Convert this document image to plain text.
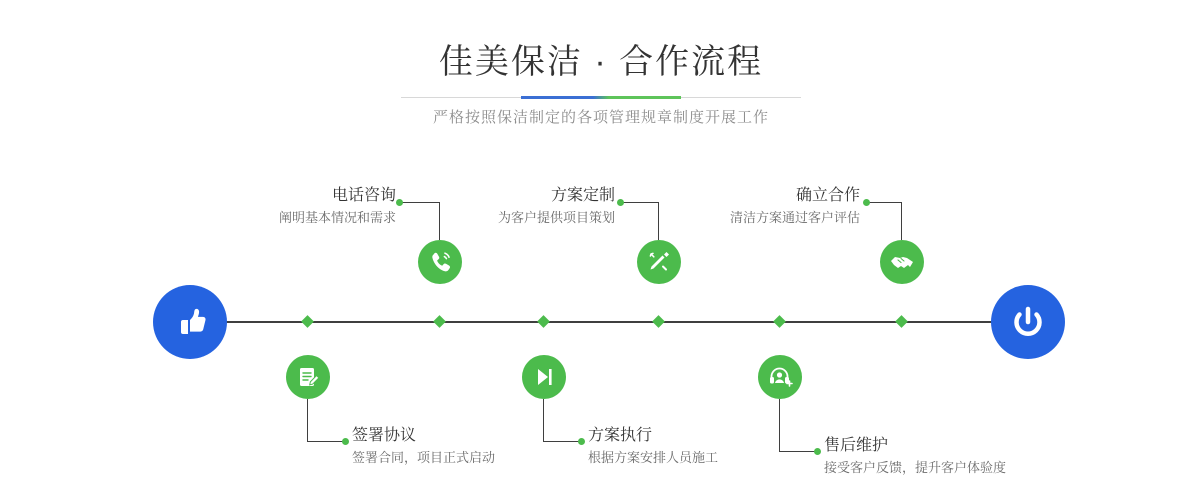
佳美保洁 · 合作流程
严格按照保洁制定的各项管理规章制度开展工作
电话咨询
阐明基本情况和需求
签署协议
签署合同，项目正式启动
方案定制
为客户提供项目策划
方案执行
根据方案安排人员施工
确立合作
清洁方案通过客户评估
售后维护
接受客户反馈，提升客户体验度
